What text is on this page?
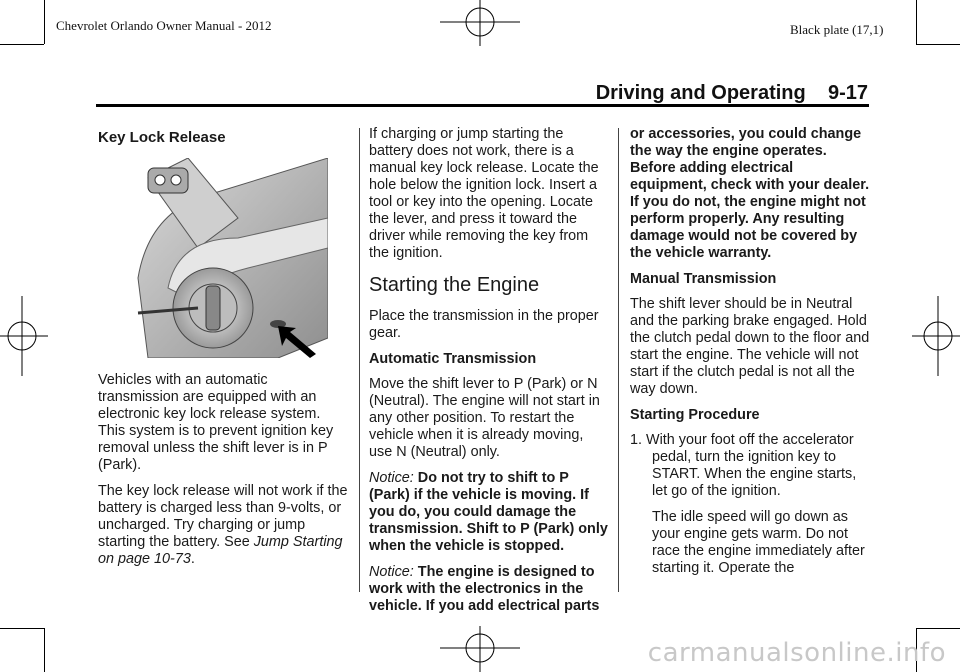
Chevrolet Orlando Owner Manual - 2012	Black plate (17,1)
Driving and Operating 9-17
Key Lock Release

Vehicles with an automatic transmission are equipped with an electronic key lock release system. This system is to prevent ignition key removal unless the shift lever is in P (Park).

The key lock release will not work if the battery is charged less than 9-volts, or uncharged. Try charging or jump starting the battery. See Jump Starting on page 10-73.

If charging or jump starting the battery does not work, there is a manual key lock release. Locate the hole below the ignition lock. Insert a tool or key into the opening. Locate the lever, and press it toward the driver while removing the key from the ignition.

Starting the Engine

Place the transmission in the proper gear.

Automatic Transmission

Move the shift lever to P (Park) or N (Neutral). The engine will not start in any other position. To restart the vehicle when it is already moving, use N (Neutral) only.

Notice: Do not try to shift to P (Park) if the vehicle is moving. If you do, you could damage the transmission. Shift to P (Park) only when the vehicle is stopped.

Notice: The engine is designed to work with the electronics in the vehicle. If you add electrical parts

or accessories, you could change the way the engine operates. Before adding electrical equipment, check with your dealer. If you do not, the engine might not perform properly. Any resulting damage would not be covered by the vehicle warranty.

Manual Transmission

The shift lever should be in Neutral and the parking brake engaged. Hold the clutch pedal down to the floor and start the engine. The vehicle will not start if the clutch pedal is not all the way down.

Starting Procedure

1. With your foot off the accelerator pedal, turn the ignition key to START. When the engine starts, let go of the ignition.

The idle speed will go down as your engine gets warm. Do not race the engine immediately after starting it. Operate the

carmanualsonline.info
